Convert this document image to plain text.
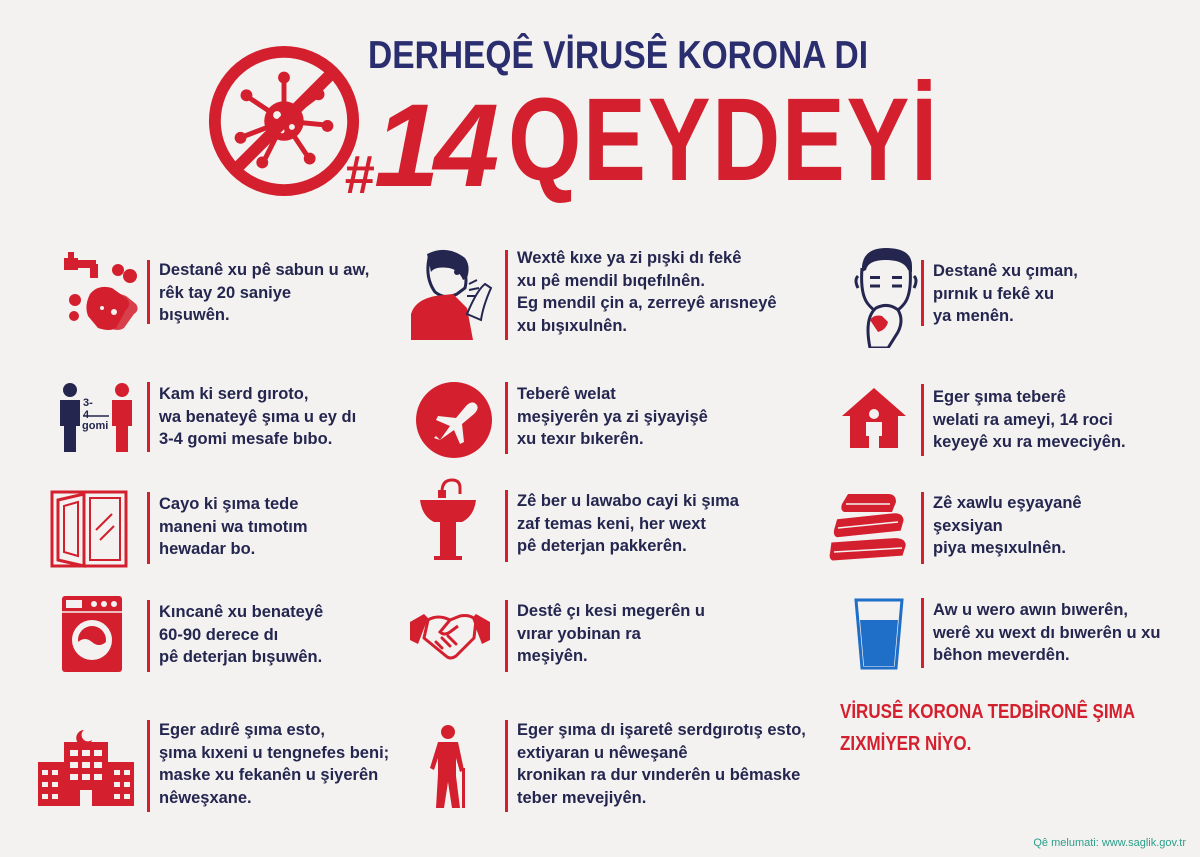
DERHEQÊ VİRUSÊ KORONA DI
# 14 QEYDEYİ
Destanê xu pê sabun u aw,
rêk tay 20 saniye
bışuwên.
Wextê kıxe ya zi pışki dı fekê
xu pê mendil bıqefılnên.
Eg mendil çin a, zerreyê arısneyê
xu bışıxulnên.
Destanê xu çıman,
pırnık u fekê xu
ya menên.
3-4
gomi
Kam ki serd gıroto,
wa benateyê şıma u ey dı
3-4 gomi mesafe bıbo.
Teberê welat
meşiyerên ya zi şiyayişê
xu texır bıkerên.
Eger şıma teberê
welati ra ameyi, 14 roci
keyeyê xu ra meveciyên.
Cayo ki şıma tede
maneni wa tımotım
hewadar bo.
Zê ber u lawabo cayi ki şıma
zaf temas keni, her wext
pê deterjan pakkerên.
Zê xawlu eşyayanê
şexsiyan
piya meşıxulnên.
Kıncanê xu benateyê
60-90 derece dı
pê deterjan bışuwên.
Destê çı kesi megerên u
vırar yobinan ra
meşiyên.
Aw u wero awın bıwerên,
werê xu wext dı bıwerên u xu
bêhon meverdên.
Eger adırê şıma esto,
şıma kıxeni u tengnefes beni;
maske xu fekanên u şiyerên
nêweşxane.
Eger şıma dı işaretê serdgırotış esto,
extiyaran u nêweşanê
kronikan ra dur vınderên u bêmaske
teber mevejiyên.
VİRUSÊ KORONA TEDBİRONÊ ŞIMA
ZIXMİYER NİYO.
Qê melumati: www.saglik.gov.tr
